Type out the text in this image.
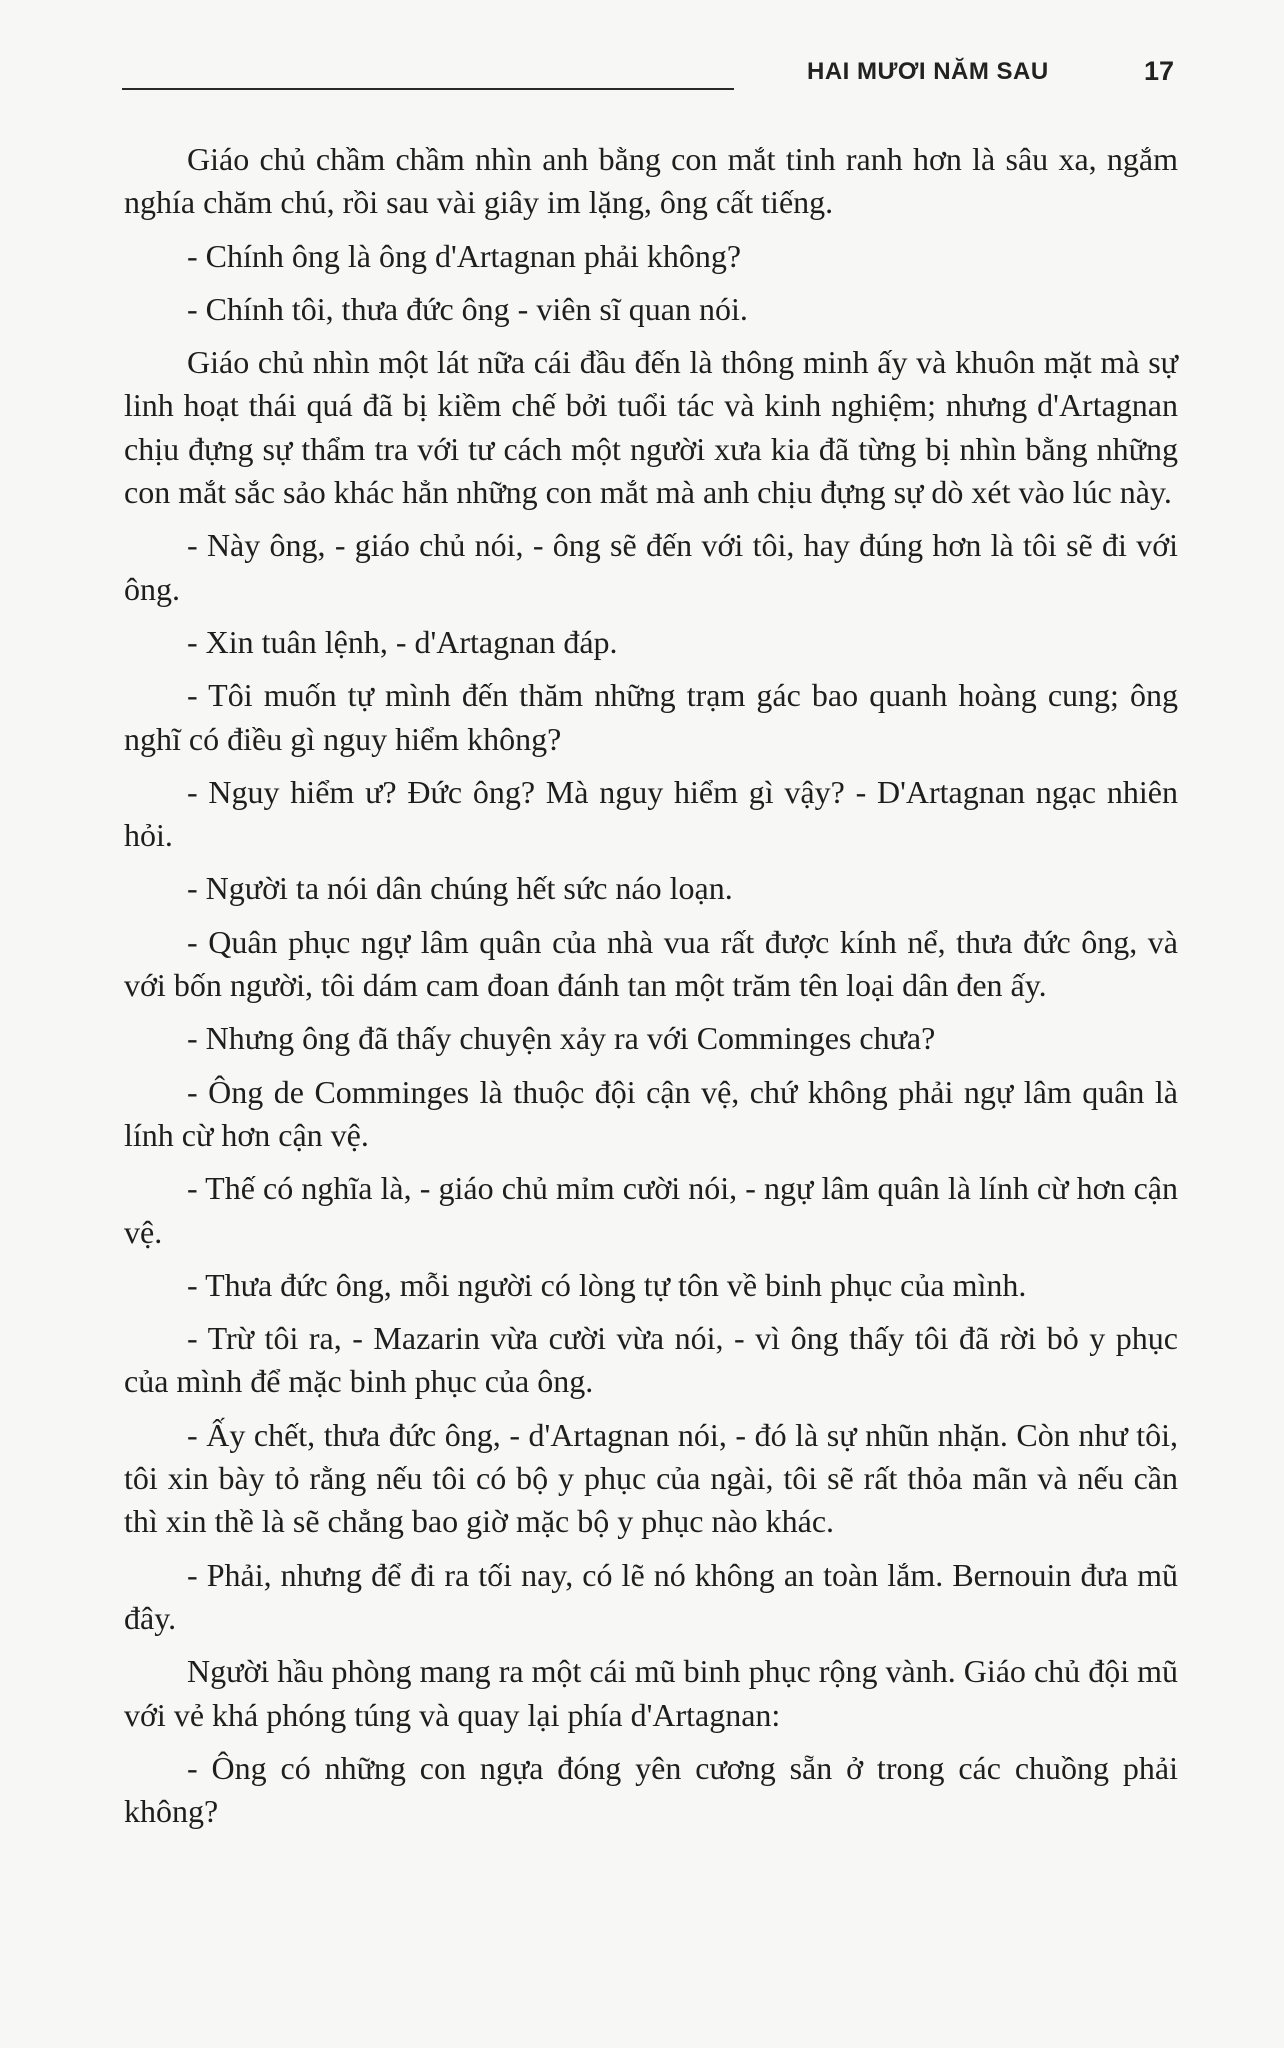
HAI MƯƠI NĂM SAU	17

Giáo chủ chầm chầm nhìn anh bằng con mắt tinh ranh hơn là sâu xa, ngắm nghía chăm chú, rồi sau vài giây im lặng, ông cất tiếng.

- Chính ông là ông d'Artagnan phải không?

- Chính tôi, thưa đức ông - viên sĩ quan nói.

Giáo chủ nhìn một lát nữa cái đầu đến là thông minh ấy và khuôn mặt mà sự linh hoạt thái quá đã bị kiềm chế bởi tuổi tác và kinh nghiệm; nhưng d'Artagnan chịu đựng sự thẩm tra với tư cách một người xưa kia đã từng bị nhìn bằng những con mắt sắc sảo khác hẳn những con mắt mà anh chịu đựng sự dò xét vào lúc này.

- Này ông, - giáo chủ nói, - ông sẽ đến với tôi, hay đúng hơn là tôi sẽ đi với ông.

- Xin tuân lệnh, - d'Artagnan đáp.

- Tôi muốn tự mình đến thăm những trạm gác bao quanh hoàng cung; ông nghĩ có điều gì nguy hiểm không?

- Nguy hiểm ư? Đức ông? Mà nguy hiểm gì vậy? - D'Artagnan ngạc nhiên hỏi.

- Người ta nói dân chúng hết sức náo loạn.

- Quân phục ngự lâm quân của nhà vua rất được kính nể, thưa đức ông, và với bốn người, tôi dám cam đoan đánh tan một trăm tên loại dân đen ấy.

- Nhưng ông đã thấy chuyện xảy ra với Comminges chưa?

- Ông de Comminges là thuộc đội cận vệ, chứ không phải ngự lâm quân là lính cừ hơn cận vệ.

- Thế có nghĩa là, - giáo chủ mỉm cười nói, - ngự lâm quân là lính cừ hơn cận vệ.

- Thưa đức ông, mỗi người có lòng tự tôn về binh phục của mình.

- Trừ tôi ra, - Mazarin vừa cười vừa nói, - vì ông thấy tôi đã rời bỏ y phục của mình để mặc binh phục của ông.

- Ấy chết, thưa đức ông, - d'Artagnan nói, - đó là sự nhũn nhặn. Còn như tôi, tôi xin bày tỏ rằng nếu tôi có bộ y phục của ngài, tôi sẽ rất thỏa mãn và nếu cần thì xin thề là sẽ chẳng bao giờ mặc bộ y phục nào khác.

- Phải, nhưng để đi ra tối nay, có lẽ nó không an toàn lắm. Bernouin đưa mũ đây.

Người hầu phòng mang ra một cái mũ binh phục rộng vành. Giáo chủ đội mũ với vẻ khá phóng túng và quay lại phía d'Artagnan:

- Ông có những con ngựa đóng yên cương sẵn ở trong các chuồng phải không?
